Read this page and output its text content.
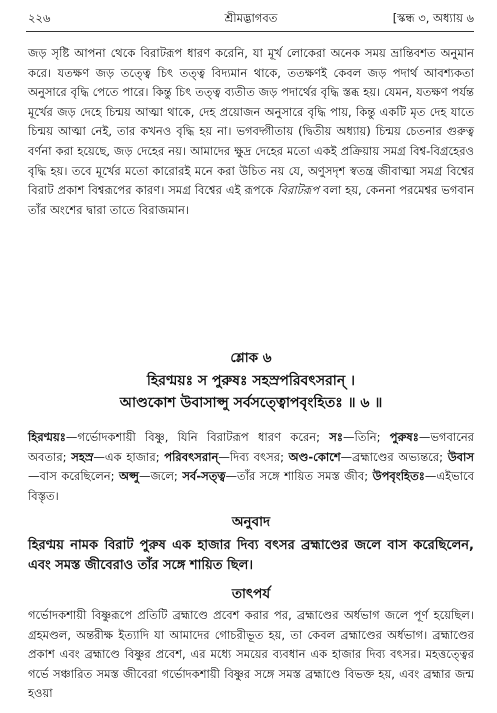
২২৬	শ্রীমদ্ভাগবত	[স্কন্ধ ৩, অধ্যায় ৬

জড় সৃষ্টি আপনা থেকে বিরাটরূপ ধারণ করেনি, যা মূর্খ লোকেরা অনেক সময় ভ্রান্তিবশত অনুমান করে। যতক্ষণ জড় তত্ত্বে চিৎ তত্ত্ব বিদ্যমান থাকে, ততক্ষণই কেবল জড় পদার্থ আবশ্যকতা অনুসারে বৃদ্ধি পেতে পারে। কিন্তু চিৎ তত্ত্ব ব্যতীত জড় পদার্থের বৃদ্ধি স্তব্ধ হয়। যেমন, যতক্ষণ পর্যন্ত মূর্খের জড় দেহে চিন্ময় আত্মা থাকে, দেহ প্রয়োজন অনুসারে বৃদ্ধি পায়, কিন্তু একটি মৃত দেহ যাতে চিন্ময় আত্মা নেই, তার কখনও বৃদ্ধি হয় না। ভগবদ্গীতায় (দ্বিতীয় অধ্যায়) চিন্ময় চেতনার গুরুত্ব বর্ণনা করা হয়েছে, জড় দেহের নয়। আমাদের ক্ষুদ্র দেহের মতো একই প্রক্রিয়ায় সমগ্র বিশ্ব-বিগ্রহেরও বৃদ্ধি হয়। তবে মূর্খের মতো কারোরই মনে করা উচিত নয় যে, অণুসদৃশ স্বতন্ত্র জীবাত্মা সমগ্র বিশ্বের বিরাট প্রকাশ বিশ্বরূপের কারণ। সমগ্র বিশ্বের এই রূপকে বিরাটরূপ বলা হয়, কেননা পরমেশ্বর ভগবান তাঁর অংশের দ্বারা তাতে বিরাজমান।

শ্লোক ৬

হিরণ্ময়ঃ স পুরুষঃ সহস্রপরিবৎসরান্ ।

আণ্ডকোশ উবাসাপ্সু সর্বসত্ত্বোপবৃংহিতঃ ॥ ৬ ॥

হিরণ্ময়ঃ—গর্ভোদকশায়ী বিষ্ণু, যিনি বিরাটরূপ ধারণ করেন; সঃ—তিনি; পুরুষঃ—ভগবানের অবতার; সহস্র—এক হাজার; পরিবৎসরান্—দিব্য বৎসর; অণ্ড-কোশে—ব্রহ্মাণ্ডের অভ্যন্তরে; উবাস—বাস করেছিলেন; অপ্সু—জলে; সর্ব-সত্ত্ব—তাঁর সঙ্গে শায়িত সমস্ত জীব; উপবৃংহিতঃ—এইভাবে বিস্তৃত।

অনুবাদ

হিরণ্ময় নামক বিরাট পুরুষ এক হাজার দিব্য বৎসর ব্রহ্মাণ্ডের জলে বাস করেছিলেন, এবং সমস্ত জীবেরাও তাঁর সঙ্গে শায়িত ছিল।

তাৎপর্য

গর্ভোদকশায়ী বিষ্ণুরূপে প্রতিটি ব্রহ্মাণ্ডে প্রবেশ করার পর, ব্রহ্মাণ্ডের অর্ধভাগ জলে পূর্ণ হয়েছিল। গ্রহমণ্ডল, অন্তরীক্ষ ইত্যাদি যা আমাদের গোচরীভূত হয়, তা কেবল ব্রহ্মাণ্ডের অর্ধভাগ। ব্রহ্মাণ্ডের প্রকাশ এবং ব্রহ্মাণ্ডে বিষ্ণুর প্রবেশ, এর মধ্যে সময়ের ব্যবধান এক হাজার দিব্য বৎসর। মহত্তত্ত্বের গর্ভে সঞ্চারিত সমস্ত জীবেরা গর্ভোদকশায়ী বিষ্ণুর সঙ্গে সমস্ত ব্রহ্মাণ্ডে বিভক্ত হয়, এবং ব্রহ্মার জন্ম হওয়া
